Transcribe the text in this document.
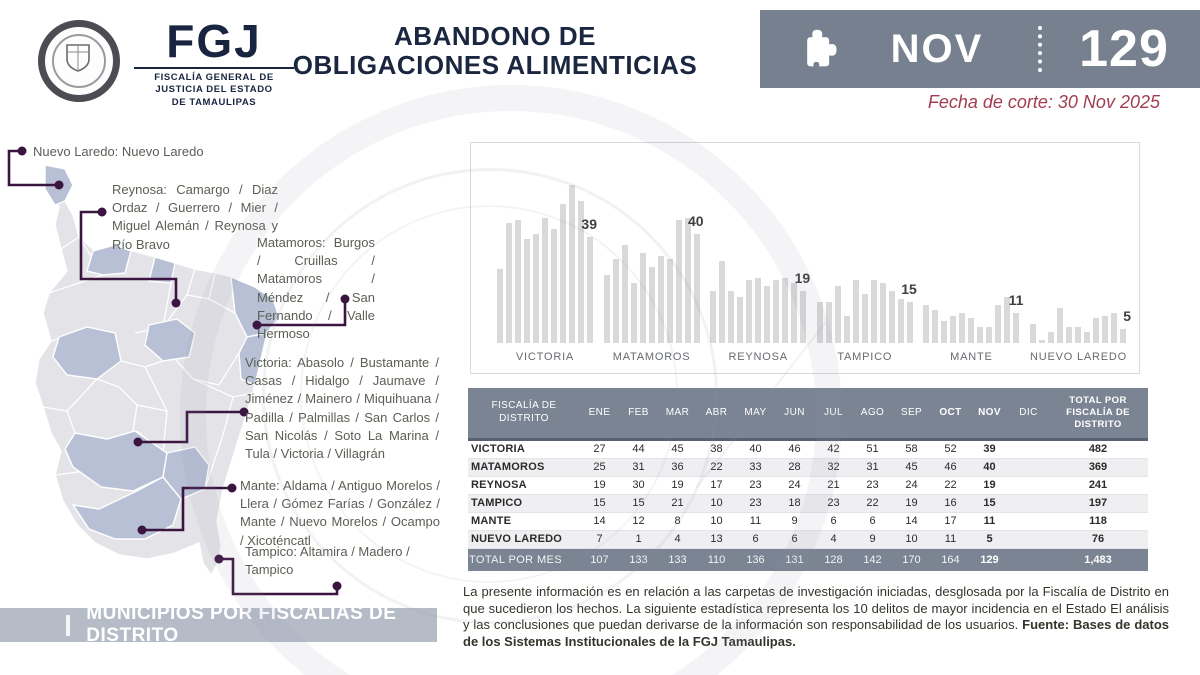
FGJ
FISCALÍA GENERAL DE
JUSTICIA DEL ESTADO
DE TAMAULIPAS
ABANDONO DE
OBLIGACIONES ALIMENTICIAS	NOV	129
Fecha de corte: 30 Nov 2025
Nuevo Laredo: Nuevo Laredo
Reynosa: Camargo / Diaz Ordaz / Guerrero / Mier / Miguel Alemán / Reynosa y Río Bravo	Matamoros: Burgos / Cruillas / Matamoros / Méndez / San Fernando / Valle Hermoso
Victoria: Abasolo / Bustamante / Casas / Hidalgo / Jaumave / Jiménez / Mainero / Miquihuana / Padilla / Palmillas / San Carlos / San Nicolás / Soto La Marina / Tula / Victoria / Villagrán
Mante: Aldama / Antiguo Morelos / Llera / Gómez Farías / González / Mante / Nuevo Morelos / Ocampo / Xicoténcatl
Tampico: Altamira / Madero / Tampico
MUNICIPIOS POR FISCALÍAS DE DISTRITO
39
VICTORIA
40
MATAMOROS
19
REYNOSA
15
TAMPICO
11
MANTE
5
NUEVO LAREDO
FISCALÍA DE DISTRITO	ENE	FEB	MAR	ABR	MAY	JUN	JUL	AGO	SEP	OCT	NOV	DIC	TOTAL POR FISCALÍA DE DISTRITO
VICTORIA	27	44	45	38	40	46	42	51	58	52	39		482
MATAMOROS	25	31	36	22	33	28	32	31	45	46	40		369
REYNOSA	19	30	19	17	23	24	21	23	24	22	19		241
TAMPICO	15	15	21	10	23	18	23	22	19	16	15		197
MANTE	14	12	8	10	11	9	6	6	14	17	11		118
NUEVO LAREDO	7	1	4	13	6	6	4	9	10	11	5		76
TOTAL POR MES	107	133	133	110	136	131	128	142	170	164	129		1,483
La presente información es en relación a las carpetas de investigación iniciadas, desglosada por la Fiscalía de Distrito en que sucedieron los hechos. La siguiente estadística representa los 10 delitos de mayor incidencia en el Estado El análisis y las conclusiones que puedan derivarse de la información son responsabilidad de los usuarios. Fuente: Bases de datos de los Sistemas Institucionales de la FGJ Tamaulipas.
